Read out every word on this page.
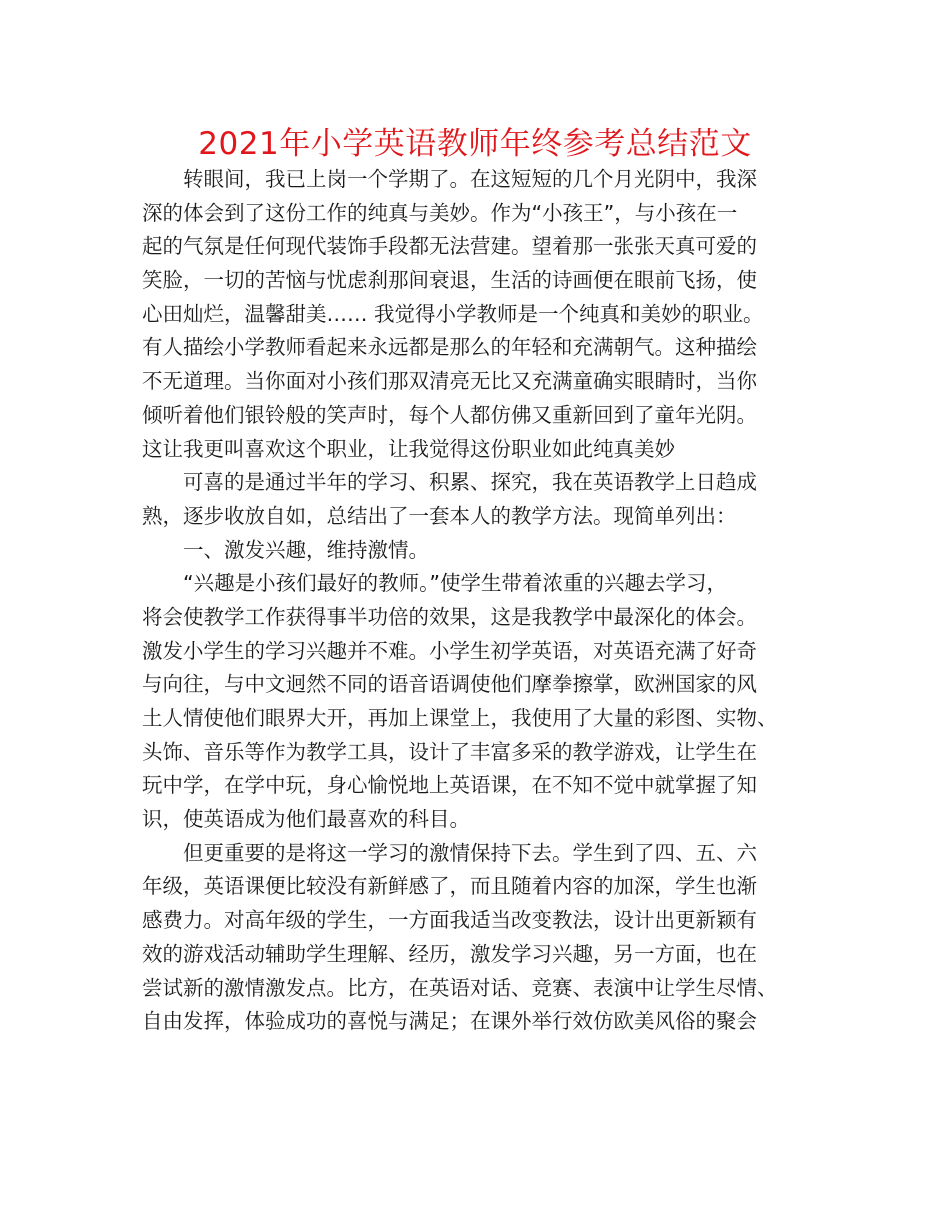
2021年小学英语教师年终参考总结范文
转眼间，我已上岗一个学期了。在这短短的几个月光阴中，我深
深的体会到了这份工作的纯真与美妙。作为“小孩王”，与小孩在一
起的气氛是任何现代装饰手段都无法营建。望着那一张张天真可爱的
笑脸，一切的苦恼与忧虑刹那间衰退，生活的诗画便在眼前飞扬，使
心田灿烂，温馨甜美…… 我觉得小学教师是一个纯真和美妙的职业。
有人描绘小学教师看起来永远都是那么的年轻和充满朝气。这种描绘
不无道理。当你面对小孩们那双清亮无比又充满童确实眼睛时，当你
倾听着他们银铃般的笑声时，每个人都仿佛又重新回到了童年光阴。
这让我更叫喜欢这个职业，让我觉得这份职业如此纯真美妙
可喜的是通过半年的学习、积累、探究，我在英语教学上日趋成
熟，逐步收放自如，总结出了一套本人的教学方法。现简单列出：
一、激发兴趣，维持激情。
“兴趣是小孩们最好的教师。”使学生带着浓重的兴趣去学习，
将会使教学工作获得事半功倍的效果，这是我教学中最深化的体会。
激发小学生的学习兴趣并不难。小学生初学英语，对英语充满了好奇
与向往，与中文迥然不同的语音语调使他们摩拳擦掌，欧洲国家的风
土人情使他们眼界大开，再加上课堂上，我使用了大量的彩图、实物、
头饰、音乐等作为教学工具，设计了丰富多采的教学游戏，让学生在
玩中学，在学中玩，身心愉悦地上英语课，在不知不觉中就掌握了知
识，使英语成为他们最喜欢的科目。
但更重要的是将这一学习的激情保持下去。学生到了四、五、六
年级，英语课便比较没有新鲜感了，而且随着内容的加深，学生也渐
感费力。对高年级的学生，一方面我适当改变教法，设计出更新颖有
效的游戏活动辅助学生理解、经历，激发学习兴趣，另一方面，也在
尝试新的激情激发点。比方，在英语对话、竞赛、表演中让学生尽情、
自由发挥，体验成功的喜悦与满足；在课外举行效仿欧美风俗的聚会
